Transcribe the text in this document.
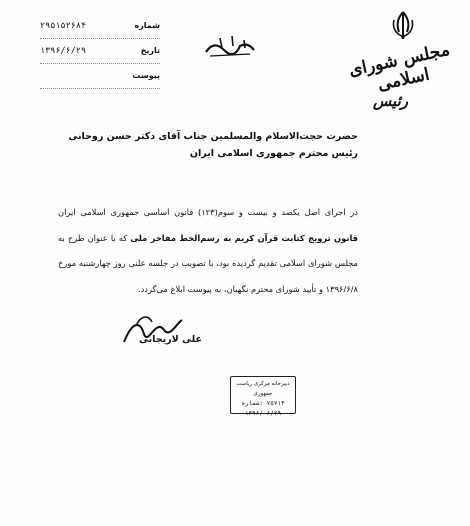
شماره
۲۹۵۱۵۲۶۸۴
تاریخ
۱۳۹۶/۶/۲۹
پیوست	مجلس شورای اسلامی
رئیس
حضرت حجت‌الاسلام والمسلمین جناب آقای دکتر حسن روحانی
رئیس محترم جمهوری اسلامی ایران
در اجرای اصل یکصد و بیست و سوم(۱۲۳) قانون اساسی جمهوری اسلامی ایران قانون ترویج کتابت قرآن کریم به رسم‌الخط مفاخر ملی که با عنوان طرح به مجلس شورای اسلامی تقدیم گردیده بود، با تصویب در جلسه علنی روز چهارشنبه مورخ ۱۳۹۶/۶/۸ و تأیید شورای محترم نگهبان، به پیوست ابلاغ می‌گردد.
علی لاریجانی
دبیرخانه مرکزی ریاست جمهوری
۷۵۷۱۴ :شماره
۱۳۹۶/۰۶/۲۹
